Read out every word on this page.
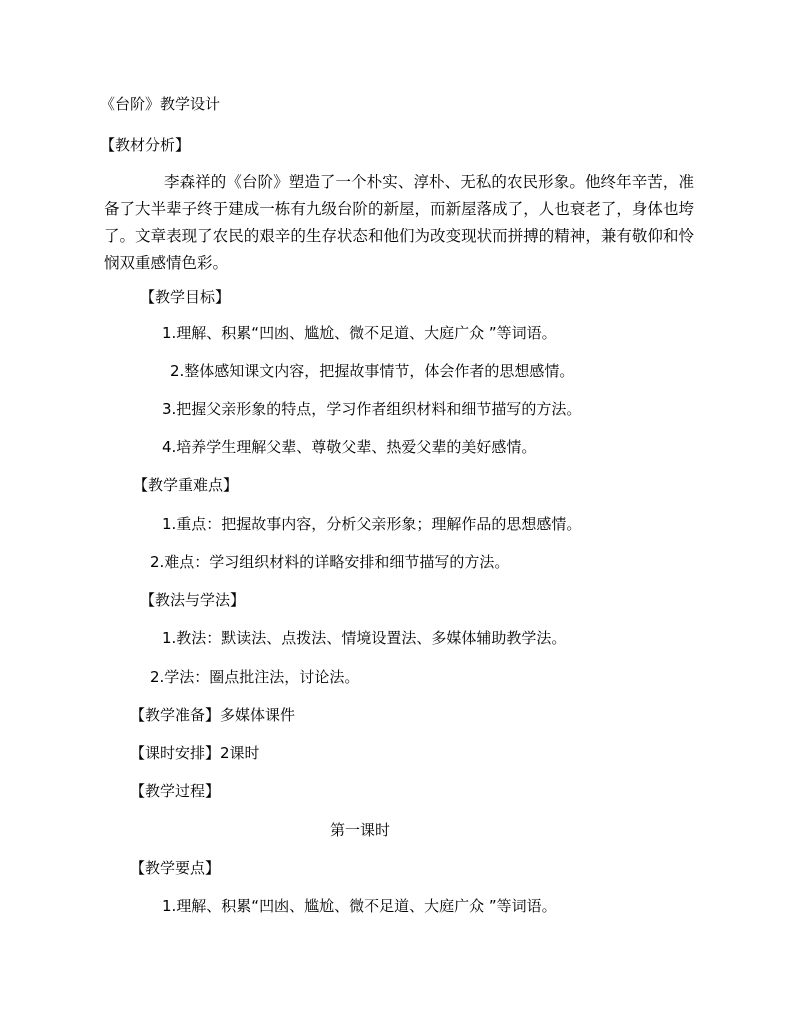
《台阶》教学设计
【教材分析】
李森祥的《台阶》塑造了一个朴实、淳朴、无私的农民形象。他终年辛苦，准备了大半辈子终于建成一栋有九级台阶的新屋，而新屋落成了，人也衰老了，身体也垮了。文章表现了农民的艰辛的生存状态和他们为改变现状而拼搏的精神，兼有敬仰和怜悯双重感情色彩。
【教学目标】
1.理解、积累“凹凼、尴尬、微不足道、大庭广众 ”等词语。
2.整体感知课文内容，把握故事情节，体会作者的思想感情。
3.把握父亲形象的特点，学习作者组织材料和细节描写的方法。
4.培养学生理解父辈、尊敬父辈、热爱父辈的美好感情。
【教学重难点】
1.重点：把握故事内容，分析父亲形象；理解作品的思想感情。
2.难点：学习组织材料的详略安排和细节描写的方法。
【教法与学法】
1.教法：默读法、点拨法、情境设置法、多媒体辅助教学法。
2.学法：圈点批注法，讨论法。
【教学准备】多媒体课件
【课时安排】2课时
【教学过程】
第一课时
【教学要点】
1.理解、积累“凹凼、尴尬、微不足道、大庭广众 ”等词语。
